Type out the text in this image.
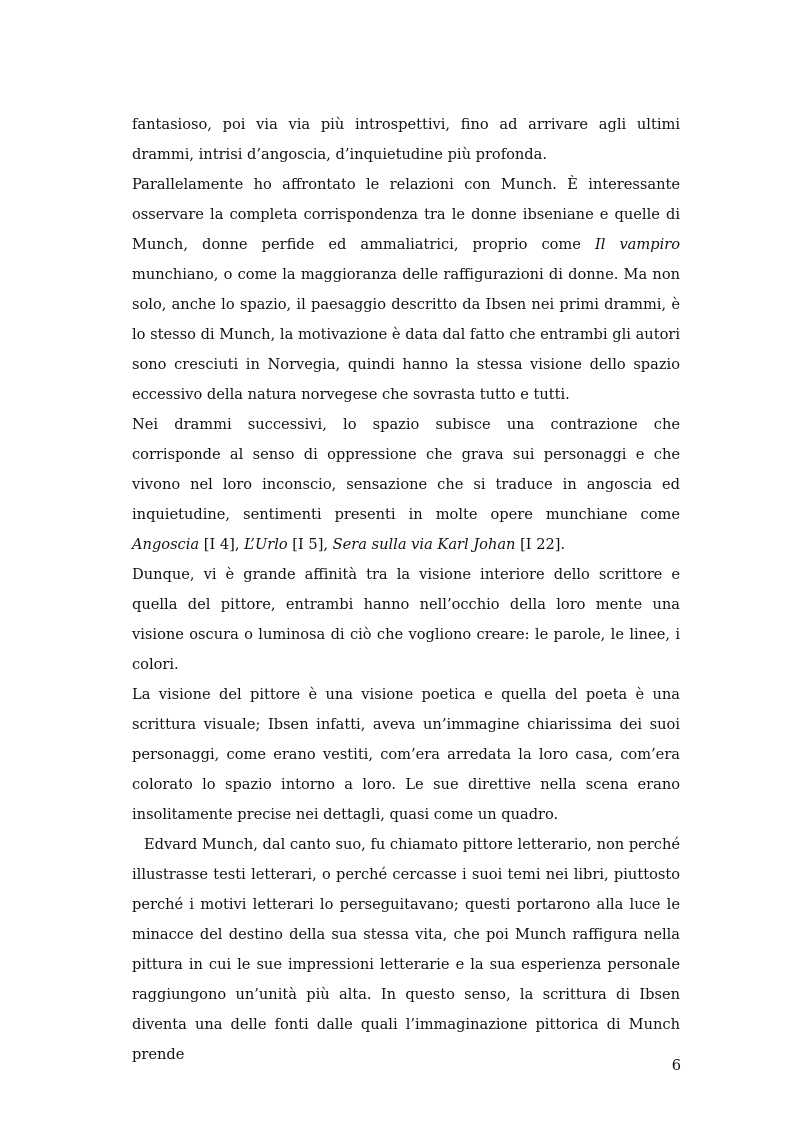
fantasioso, poi via via più introspettivi, fino ad arrivare agli ultimi drammi, intrisi d’angoscia, d’inquietudine più profonda.

Parallelamente ho affrontato le relazioni con Munch. È interessante osservare la completa corrispondenza tra le donne ibseniane e quelle di Munch, donne perfide ed ammaliatrici, proprio come Il vampiro munchiano, o come la maggioranza delle raffigurazioni di donne. Ma non solo, anche lo spazio, il paesaggio descritto da Ibsen nei primi drammi, è lo stesso di Munch, la motivazione è data dal fatto che entrambi gli autori sono cresciuti in Norvegia, quindi hanno la stessa visione dello spazio eccessivo della natura norvegese che sovrasta tutto e tutti.

Nei drammi successivi, lo spazio subisce una contrazione che corrisponde al senso di oppressione che grava sui personaggi e che vivono nel loro inconscio, sensazione che si traduce in angoscia ed inquietudine, sentimenti presenti in molte opere munchiane come Angoscia [I 4], L’Urlo [I 5], Sera sulla via Karl Johan [I 22].

Dunque, vi è grande affinità tra la visione interiore dello scrittore e quella del pittore, entrambi hanno nell’occhio della loro mente una visione oscura o luminosa di ciò che vogliono creare: le parole, le linee, i colori.

La visione del pittore è una visione poetica e quella del poeta è una scrittura visuale; Ibsen infatti, aveva un’immagine chiarissima dei suoi personaggi, come erano vestiti, com’era arredata la loro casa, com’era colorato lo spazio intorno a loro. Le sue direttive nella scena erano insolitamente precise nei dettagli, quasi come un quadro.

Edvard Munch, dal canto suo, fu chiamato pittore letterario, non perché illustrasse testi letterari, o perché cercasse i suoi temi nei libri, piuttosto perché i motivi letterari lo perseguitavano; questi portarono alla luce le minacce del destino della sua stessa vita, che poi Munch raffigura nella pittura in cui le sue impressioni letterarie e la sua esperienza personale raggiungono un’unità più alta. In questo senso, la scrittura di Ibsen diventa una delle fonti dalle quali l’immaginazione pittorica di Munch prende

6
